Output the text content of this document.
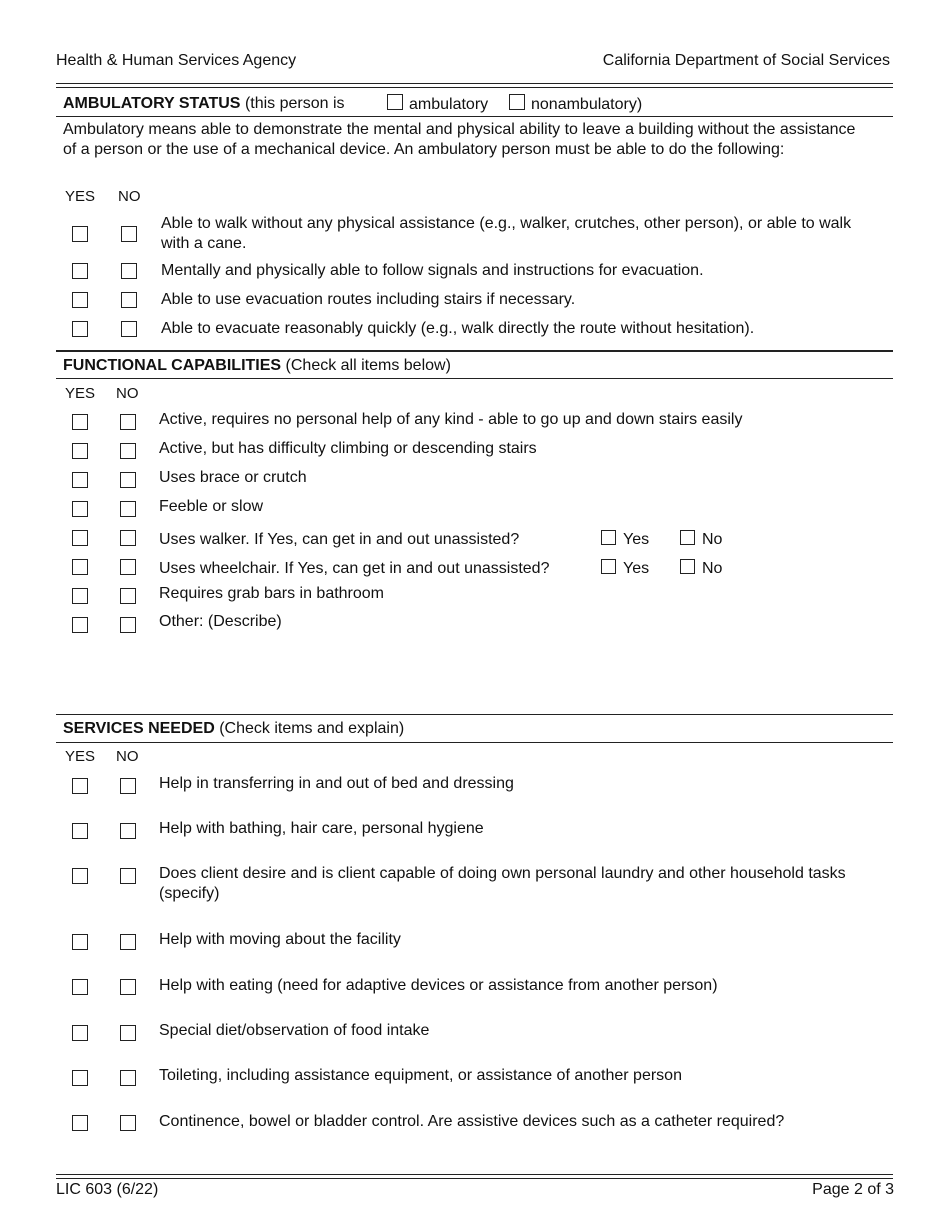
Health & Human Services Agency	California Department of Social Services
AMBULATORY STATUS (this person is	ambulatory	nonambulatory)
Ambulatory means able to demonstrate the mental and physical ability to leave a building without the assistance of a person or the use of a mechanical device. An ambulatory person must be able to do the following:
YES NO
Able to walk without any physical assistance (e.g., walker, crutches, other person), or able to walk with a cane.
Mentally and physically able to follow signals and instructions for evacuation.
Able to use evacuation routes including stairs if necessary.
Able to evacuate reasonably quickly (e.g., walk directly the route without hesitation).
FUNCTIONAL CAPABILITIES (Check all items below)
YES NO
Active, requires no personal help of any kind - able to go up and down stairs easily
Active, but has difficulty climbing or descending stairs
Uses brace or crutch
Feeble or slow
Uses walker. If Yes, can get in and out unassisted?	Yes	No
Uses wheelchair. If Yes, can get in and out unassisted?	Yes	No
Requires grab bars in bathroom
Other: (Describe)
SERVICES NEEDED (Check items and explain)
YES NO
Help in transferring in and out of bed and dressing
Help with bathing, hair care, personal hygiene
Does client desire and is client capable of doing own personal laundry and other household tasks (specify)
Help with moving about the facility
Help with eating (need for adaptive devices or assistance from another person)
Special diet/observation of food intake
Toileting, including assistance equipment, or assistance of another person
Continence, bowel or bladder control. Are assistive devices such as a catheter required?
LIC 603 (6/22)	Page 2 of 3
